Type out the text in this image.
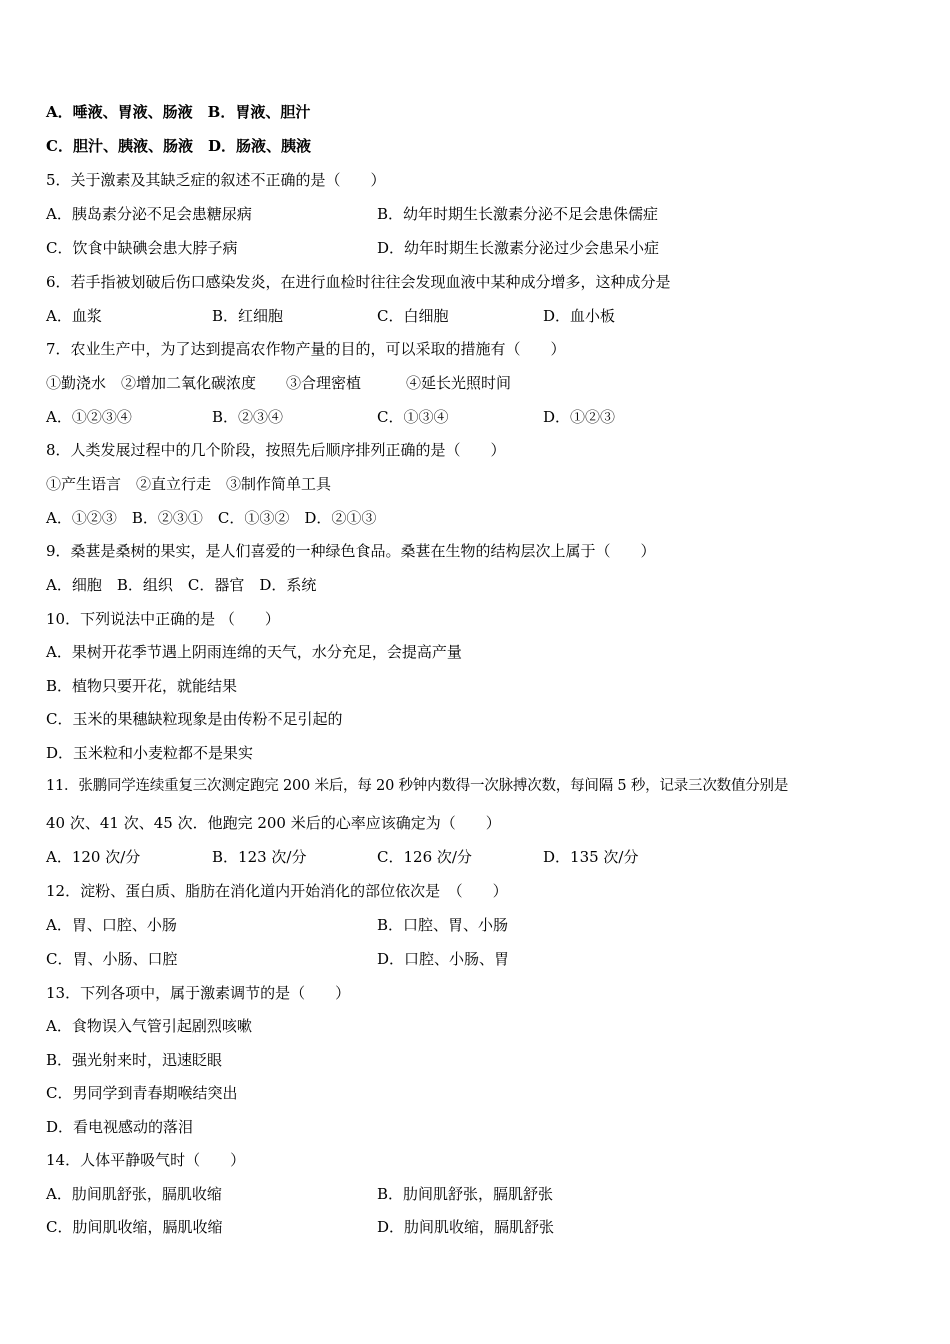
A．唾液、胃液、肠液　B．胃液、胆汁
C．胆汁、胰液、肠液　D．肠液、胰液
5．关于激素及其缺乏症的叙述不正确的是（　　）
A．胰岛素分泌不足会患糖尿病	B．幼年时期生长激素分泌不足会患侏儒症
C．饮食中缺碘会患大脖子病	D．幼年时期生长激素分泌过少会患呆小症
6．若手指被划破后伤口感染发炎，在进行血检时往往会发现血液中某种成分增多，这种成分是
A．血浆	B．红细胞	C．白细胞	D．血小板
7．农业生产中，为了达到提高农作物产量的目的，可以采取的措施有（　　）
①勤浇水　②增加二氧化碳浓度　　③合理密植　　　④延长光照时间
A．①②③④	B．②③④	C．①③④	D．①②③
8．人类发展过程中的几个阶段，按照先后顺序排列正确的是（　　）
①产生语言　②直立行走　③制作简单工具
A．①②③　B．②③①　C．①③②　D．②①③
9．桑葚是桑树的果实，是人们喜爱的一种绿色食品。桑葚在生物的结构层次上属于（　　）
A．细胞　B．组织　C．器官　D．系统
10．下列说法中正确的是 （　　）
A．果树开花季节遇上阴雨连绵的天气，水分充足，会提高产量
B．植物只要开花，就能结果
C．玉米的果穗缺粒现象是由传粉不足引起的
D．玉米粒和小麦粒都不是果实
11．张鹏同学连续重复三次测定跑完 200 米后，每 20 秒钟内数得一次脉搏次数，每间隔 5 秒，记录三次数值分别是
40 次、41 次、45 次．他跑完 200 米后的心率应该确定为（　　）
A．120 次/分	B．123 次/分	C．126 次/分	D．135 次/分
12．淀粉、蛋白质、脂肪在消化道内开始消化的部位依次是　（　　）
A．胃、口腔、小肠	B．口腔、胃、小肠
C．胃、小肠、口腔	D．口腔、小肠、胃
13．下列各项中，属于激素调节的是（　　）
A．食物误入气管引起剧烈咳嗽
B．强光射来时，迅速眨眼
C．男同学到青春期喉结突出
D．看电视感动的落泪
14．人体平静吸气时（　　）
A．肋间肌舒张，膈肌收缩	B．肋间肌舒张，膈肌舒张
C．肋间肌收缩，膈肌收缩	D．肋间肌收缩，膈肌舒张
